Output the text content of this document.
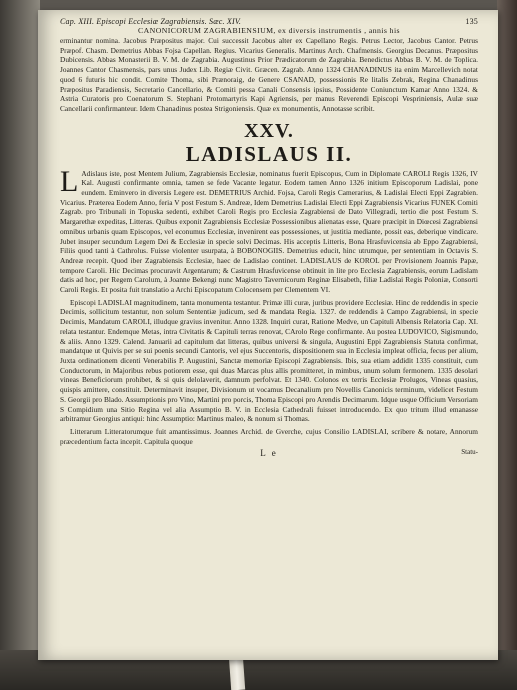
Cap. XIII. Episcopi Ecclesiæ Zagrabiensis. Sæc. XIV.	135
CANONICORUM ZAGRABIENSIUM, ex diversis instrumentis , annis his

erminantur nomina. Jacobus Præpositus major. Cui successit Jacobus alter ex Capellano Regis. Petrus Lector, Jacobus Cantor. Petrus Præpof. Chasm. Demetrius Abbas Fojsa Capellan. Regius. Vicarius Generalis. Martinus Arch. Chafmensis. Georgius Decanus. Præpositus Dubicensis. Abbas Monasterii B. V. M. de Zagrabia. Augustinus Prior Prædicatorum de Zagrabia. Benedictus Abbas B. V. M. de Toplica. Joannes Cantor Chasmensis, pars unus Judex Lib. Regiæ Civit. Græcen. Zagrab. Anno 1324 CHANADINUS ita enim Marcellevich notat quod 6 futuris hic condit. Comite Thoma, sibi Prænoraig, de Genere CSANAD, possessionis Re litalis Zebrak, Regina Chanadinus Præpositus Paradiensis, Secretario Cancellario, & Comiti pessa Canali Consensis ipsius, Possidente Coniunctum Kamar Anno 1324. & Astria Curatoris pro Coenatorum S. Stephani Protomartyris Kapi Agriensis, per manus Reverendi Episcopi Vespriniensis, Aulæ suæ Cancellarii confirmanteur. Idem Chanadinus postea Strigoniensis. Quæ ex monumentis, Annotasse scribit.

XXV.
LADISLAUS II.
L Adislaus iste, post Mentem Julium, Zagrabiensis Ecclesiæ, nominatus fuerit Episcopus, Cum in Diplomate CAROLI Regis 1326, IV Kal. Augusti confirmante omnia, tamen se fede Vacante legatur. Eodem tamen Anno 1326 initium Episcoporum Ladislai, pone eundem. Eminvero in diversis Legere est. DEMETRIUS Archid. Fojsa, Caroli Regis Camerarius, & Ladislai Electi Eppi Zagrabien. Vicarius. Præterea Eodem Anno, feria V post Festum S. Andreæ, Idem Demetrius Ladislai Electi Eppi Zagrabiensis Vicarius FUNEK Comiti Zagrab. pro Tribunali in Topuska sedenti, exhibet Caroli Regis pro Ecclesia Zagrabiensi de Dato Villegradi, tertio die post Festum S. Margarethæ expeditas, Litteras. Quibus exponit Zagrabiensis Ecclesiæ Possessionibus alienatas esse, Quare præcipit in Diœcesi Zagrabiensi omnibus urbanis quam Episcopos, vel econumus Ecclesiæ, invenirent eas possessiones, ut justitia mediante, possit eas, deberique vindicare. Jubet insuper secundum Legem Dei & Ecclesiæ in specie solvi Decimas. His acceptis Litteris, Bona Hrasfuvicensia ab Eppo Zagrabiensi, Filiis quod tanti à Cathrolus. Fuisse violenter usurpata, à BOBONOGIIS. Demetrius educit, hinc utrumque, per sententiam in Octavis S. Andreæ recepit. Quod iber Zagrabiensis Ecclesiæ, haec de Ladislao continet. LADISLAUS de KOROL per Provisionem Joannis Papæ, tempore Caroli. Hic Decimas procuravit Argentarum; & Castrum Hrasfuvicense obtinuit in lite pro Ecclesia Zagrabiensis, eorum Ladislam datis ad hoc, per Regem Carolum, à Joanne Bekengi nunc Magistro Tavernicorum Reginæ Elisabeth, filiæ Ladislai Regis Poloniæ, Consorti Caroli Regis. Et posita fuit translatio a Archi Episcopatum Colocensem per Clementem VI.

Episcopi LADISLAI magnitudinem, tanta monumenta testantur. Primæ illi curæ, juribus providere Ecclesiæ. Hinc de reddendis in specie Decimis, sollicitum testantur, non solum Sententiæ judicum, sed & mandata Regia. 1327. de reddendis à Campo Zagrabiensi, in specie Decimis, Mandatum CAROLI, illudque gravius invenitur. Anno 1328. Inquiri curat, Ratione Medve, un Capituli Albensis Relatoria Cap. XI. relata testantur. Endemque Metas, intra Civitatis & Capituli terras renovat, CArolo Rege confirmante. Au postea LUDOVICO, Sigismundo, & aliis. Anno 1329. Calend. Januarii ad capitulum dat litteras, quibus universi & singula, Augustini Eppi Zagrabiensis Statuta confirmat, mandatque ut Quivis per se sui poenis secundi Cantoris, vel ejus Succentoris, dispositionem sua in Ecclesia impleat officia, fecus per alium, Juxta ordinationem dicenti Venerabilis P. Augustini, Sanctæ memoriæ Episcopi Zagrabiensis. Ibis, sua etiam addidit 1335 constituit, cum Conductorum, in Majoribus rebus potiorem esse, qui duas Marcas plus allis promitteret, in mimbus, unum solum fermonem. 1335 desolari vineas Beneficiorum prohibet, & si quis delolaverit, damnum perfolvat. Et 1340. Colonos ex terris Ecclesiæ Prolugos, Vineas quasius, quispis amittere, constituit. Determinavit insuper, Divisionum ut vocamus Decanalium pro Novellis Canonicis terminum, videlicet Festum S. Georgii pro Blado. Assumptionis pro Vino, Martini pro porcis, Thoma Episcopi pro Arendis Decimarum. Idque usque Officium Versoriam S Compidium una Sitio Regina vel alia Assumptio B. V. in Ecclesia Cathedrali fuisset introducendo. Ex quo tritum illud emanasse arbitramur Georgius antiqui: hinc Assumptio: Martinus maleo, & nonum si Thomas.

Litterarum Litteratorumque fuit amantissimus. Joannes Archid. de Gverche, cujus Consilio LADISLAI, scribere & notare, Annorum præcedentium facta incepit. Capitula quoque

L e	Statu-
